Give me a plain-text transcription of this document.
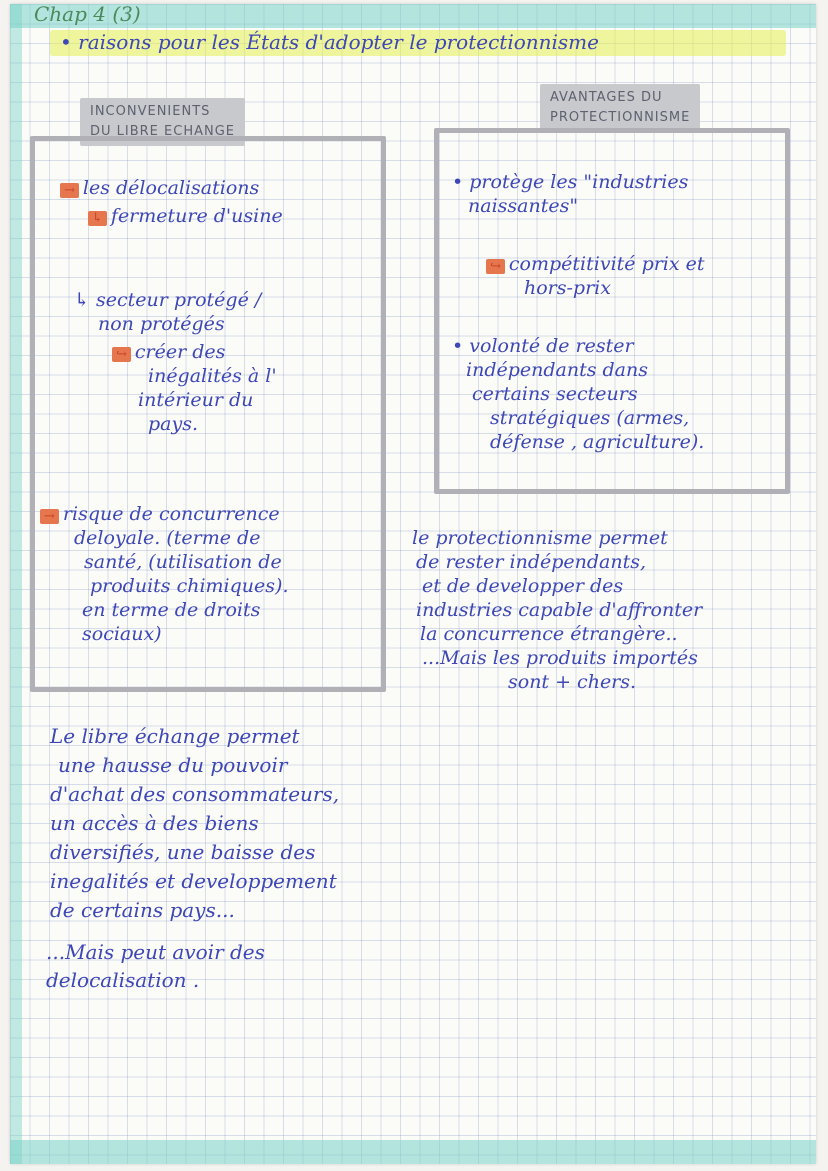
Chap 4 (3)
• raisons pour les États d'adopter le protectionnisme
INCONVENIENTS
DU LIBRE ECHANGE
→ les délocalisations
↳ fermeture d'usine
↳ secteur protégé /
non protégés
↪ créer des
inégalités à l'
intérieur du
pays.
→ risque de concurrence
deloyale. (terme de
santé, (utilisation de
produits chimiques).
en terme de droits
sociaux)
AVANTAGES DU
PROTECTIONNISME
• protège les "industries
naissantes"
↪ compétitivité prix et
hors-prix
• volonté de rester
indépendants dans
certains secteurs
stratégiques (armes,
défense , agriculture).
le protectionnisme permet
de rester indépendants,
et de developper des
industries capable d'affronter
la concurrence étrangère..
...Mais les produits importés
sont + chers.
Le libre échange permet
une hausse du pouvoir
d'achat des consommateurs,
un accès à des biens
diversifiés, une baisse des
inegalités et developpement
de certains pays...
...Mais peut avoir des
delocalisation .
